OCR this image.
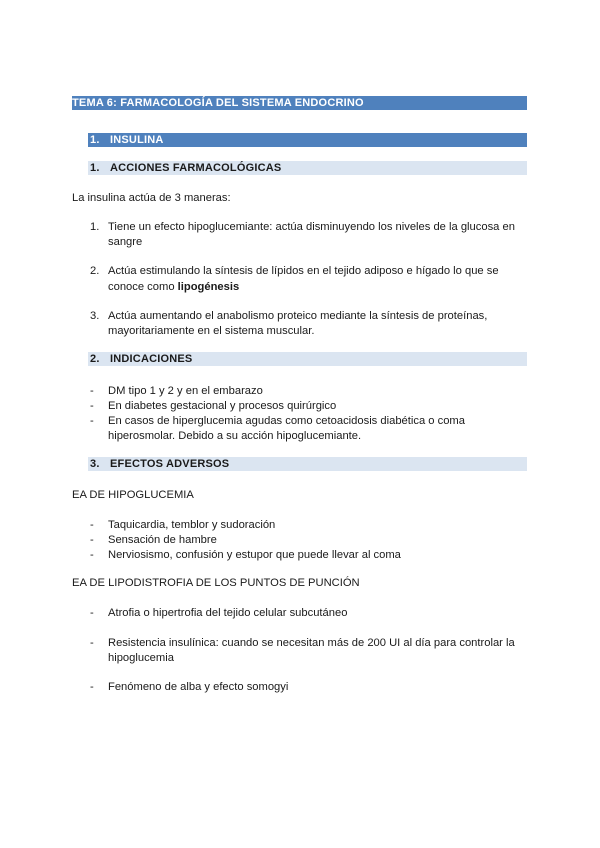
TEMA 6: FARMACOLOGÍA DEL SISTEMA ENDOCRINO
1. INSULINA
1. ACCIONES FARMACOLÓGICAS
La insulina actúa de 3 maneras:
1. Tiene un efecto hipoglucemiante: actúa disminuyendo los niveles de la glucosa en
sangre
2. Actúa estimulando la síntesis de lípidos en el tejido adiposo e hígado lo que se
conoce como lipogénesis
3. Actúa aumentando el anabolismo proteico mediante la síntesis de proteínas,
mayoritariamente en el sistema muscular.
2. INDICACIONES
- DM tipo 1 y 2 y en el embarazo
- En diabetes gestacional y procesos quirúrgico
- En casos de hiperglucemia agudas como cetoacidosis diabética o coma
hiperosmolar. Debido a su acción hipoglucemiante.
3. EFECTOS ADVERSOS
EA DE HIPOGLUCEMIA
- Taquicardia, temblor y sudoración
- Sensación de hambre
- Nerviosismo, confusión y estupor que puede llevar al coma
EA DE LIPODISTROFIA DE LOS PUNTOS DE PUNCIÓN
- Atrofia o hipertrofia del tejido celular subcutáneo
- Resistencia insulínica: cuando se necesitan más de 200 UI al día para controlar la
hipoglucemia
- Fenómeno de alba y efecto somogyi
